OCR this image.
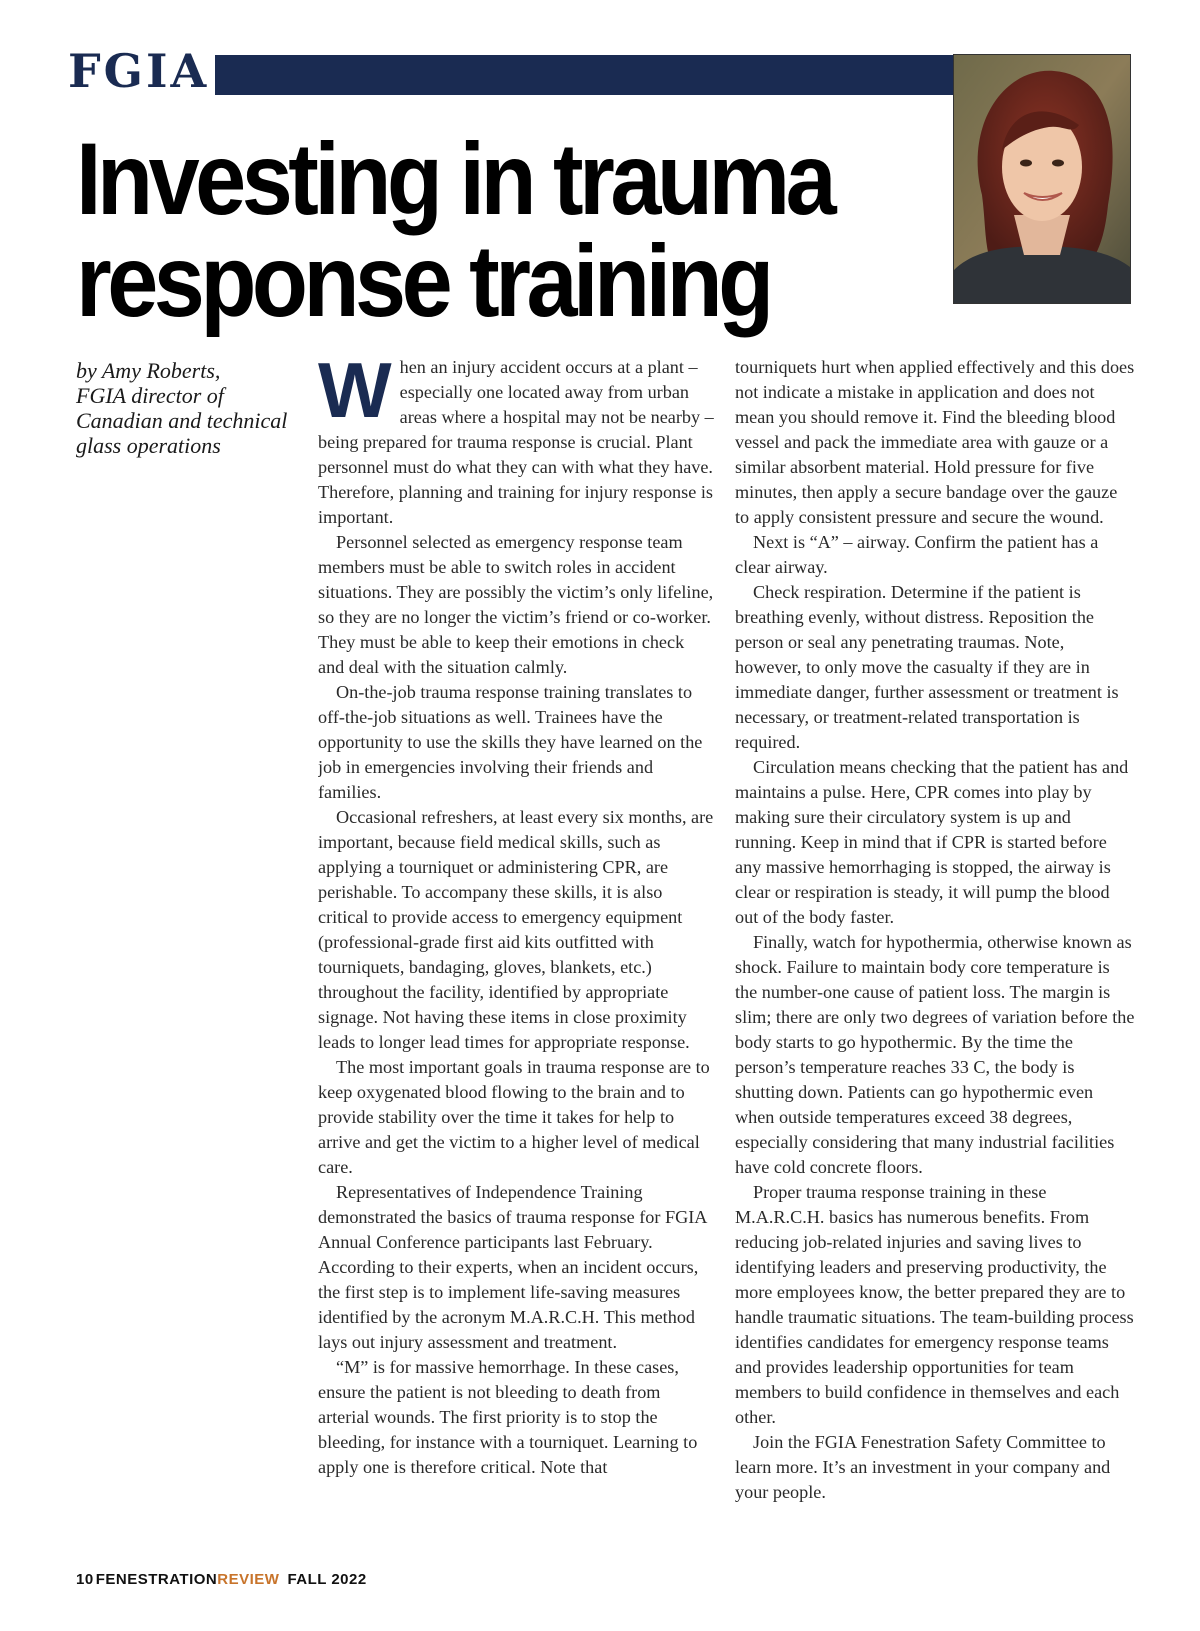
FGIA
Investing in trauma
response training
by Amy Roberts,
FGIA director of
Canadian and technical
glass operations

When an injury accident occurs at a plant – especially one located away from urban areas where a hospital may not be nearby – being prepared for trauma response is crucial. Plant personnel must do what they can with what they have. Therefore, planning and training for injury response is important.

Personnel selected as emergency response team members must be able to switch roles in accident situations. They are possibly the victim’s only lifeline, so they are no longer the victim’s friend or co-worker. They must be able to keep their emotions in check and deal with the situation calmly.

On-the-job trauma response training translates to off-the-job situations as well. Trainees have the opportunity to use the skills they have learned on the job in emergencies involving their friends and families.

Occasional refreshers, at least every six months, are important, because field medical skills, such as applying a tourniquet or administering CPR, are perishable. To accompany these skills, it is also critical to provide access to emergency equipment (professional-grade first aid kits outfitted with tourniquets, bandaging, gloves, blankets, etc.) throughout the facility, identified by appropriate signage. Not having these items in close proximity leads to longer lead times for appropriate response.

The most important goals in trauma response are to keep oxygenated blood flowing to the brain and to provide stability over the time it takes for help to arrive and get the victim to a higher level of medical care.

Representatives of Independence Training demonstrated the basics of trauma response for FGIA Annual Conference participants last February. According to their experts, when an incident occurs, the first step is to implement life-saving measures identified by the acronym M.A.R.C.H. This method lays out injury assessment and treatment.

“M” is for massive hemorrhage. In these cases, ensure the patient is not bleeding to death from arterial wounds. The first priority is to stop the bleeding, for instance with a tourniquet. Learning to apply one is therefore critical. Note that

tourniquets hurt when applied effectively and this does not indicate a mistake in application and does not mean you should remove it. Find the bleeding blood vessel and pack the immediate area with gauze or a similar absorbent material. Hold pressure for five minutes, then apply a secure bandage over the gauze to apply consistent pressure and secure the wound.

Next is “A” – airway. Confirm the patient has a clear airway.

Check respiration. Determine if the patient is breathing evenly, without distress. Reposition the person or seal any penetrating traumas. Note, however, to only move the casualty if they are in immediate danger, further assessment or treatment is necessary, or treatment-related transportation is required.

Circulation means checking that the patient has and maintains a pulse. Here, CPR comes into play by making sure their circulatory system is up and running. Keep in mind that if CPR is started before any massive hemorrhaging is stopped, the airway is clear or respiration is steady, it will pump the blood out of the body faster.

Finally, watch for hypothermia, otherwise known as shock. Failure to maintain body core temperature is the number-one cause of patient loss. The margin is slim; there are only two degrees of variation before the body starts to go hypothermic. By the time the person’s temperature reaches 33 C, the body is shutting down. Patients can go hypothermic even when outside temperatures exceed 38 degrees, especially considering that many industrial facilities have cold concrete floors.

Proper trauma response training in these M.A.R.C.H. basics has numerous benefits. From reducing job-related injuries and saving lives to identifying leaders and preserving productivity, the more employees know, the better prepared they are to handle traumatic situations. The team-building process identifies candidates for emergency response teams and provides leadership opportunities for team members to build confidence in themselves and each other.

Join the FGIA Fenestration Safety Committee to learn more. It’s an investment in your company and your people.

10 FENESTRATIONREVIEW FALL 2022
